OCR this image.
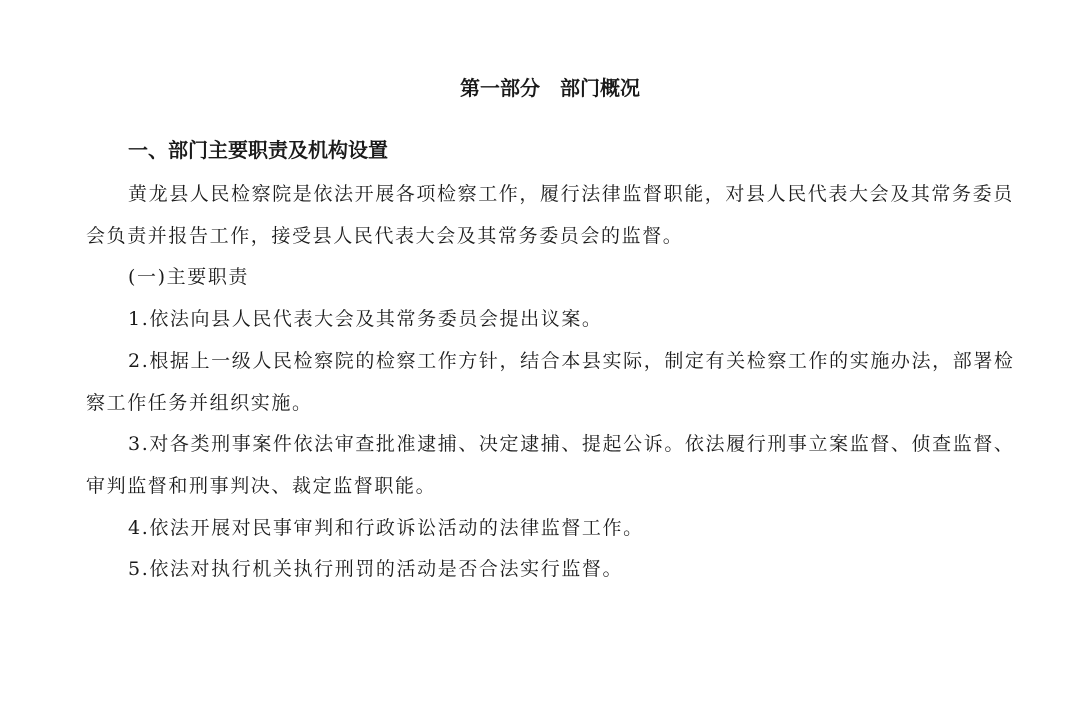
第一部分　部门概况
一、部门主要职责及机构设置

黄龙县人民检察院是依法开展各项检察工作，履行法律监督职能，对县人民代表大会及其常务委员会负责并报告工作，接受县人民代表大会及其常务委员会的监督。

(一)主要职责

1.依法向县人民代表大会及其常务委员会提出议案。

2.根据上一级人民检察院的检察工作方针，结合本县实际，制定有关检察工作的实施办法，部署检察工作任务并组织实施。

3.对各类刑事案件依法审查批准逮捕、决定逮捕、提起公诉。依法履行刑事立案监督、侦查监督、审判监督和刑事判决、裁定监督职能。

4.依法开展对民事审判和行政诉讼活动的法律监督工作。

5.依法对执行机关执行刑罚的活动是否合法实行监督。
